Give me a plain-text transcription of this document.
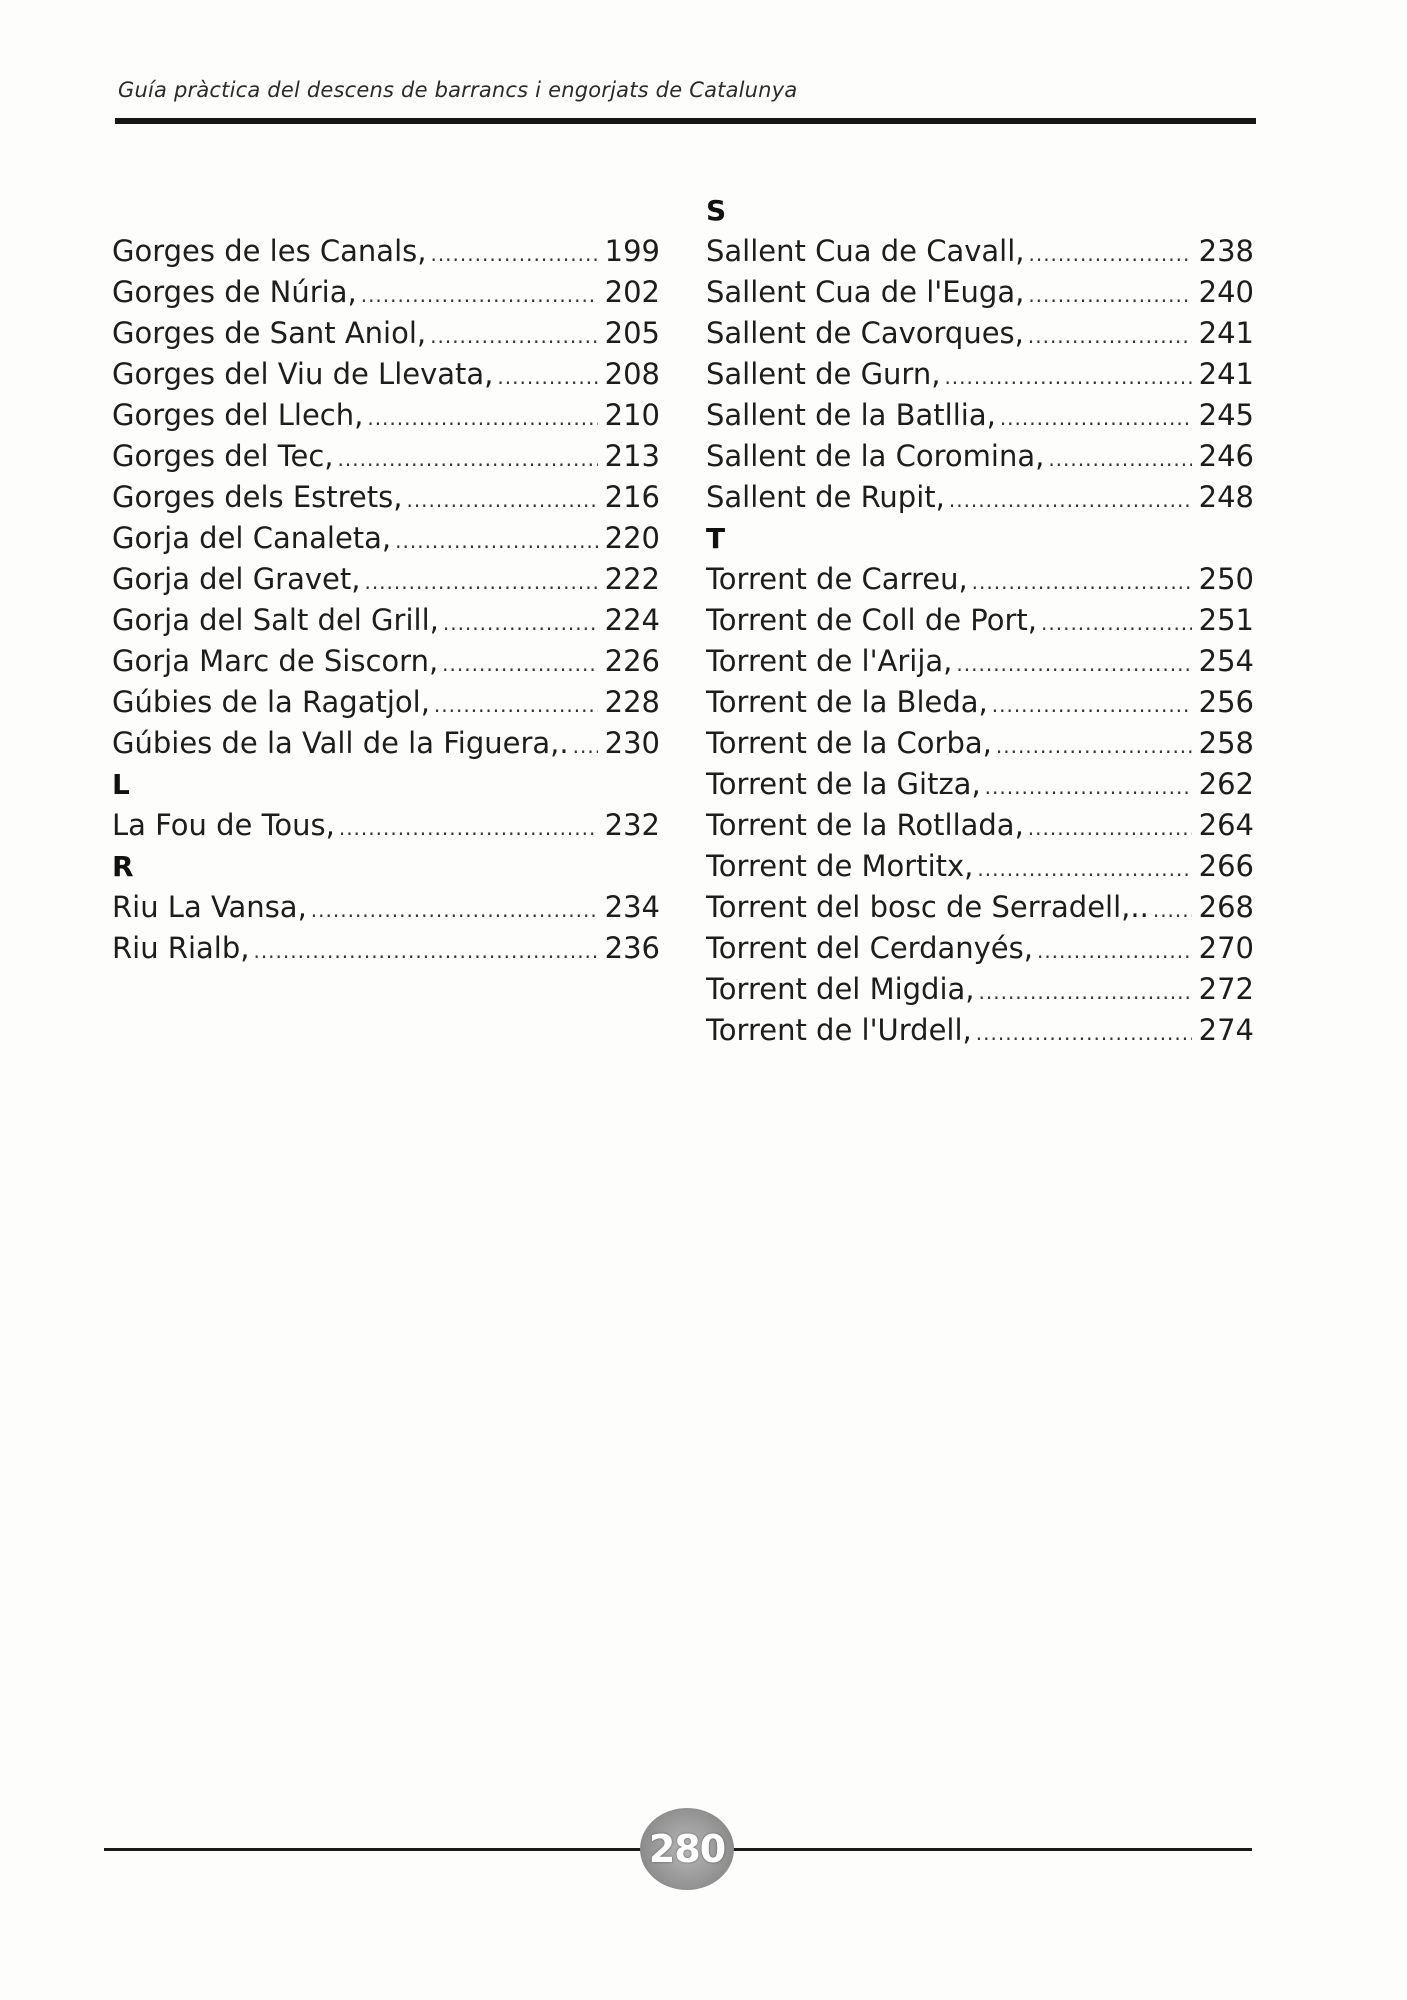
Guía pràctica del descens de barrancs i engorjats de Catalunya
Gorges de les Canals, .....	199
Gorges de Núria, .....	202
Gorges de Sant Aniol, .....	205
Gorges del Viu de Llevata, .....	208
Gorges del Llech, .....	210
Gorges del Tec, .....	213
Gorges dels Estrets, .....	216
Gorja del Canaleta, .....	220
Gorja del Gravet, .....	222
Gorja del Salt del Grill, .....	224
Gorja Marc de Siscorn, .....	226
Gúbies de la Ragatjol, .....	228
Gúbies de la Vall de la Figuera,. ..... 230
L
La Fou de Tous, .....	232
R
Riu La Vansa, .....	234
Riu Rialb, .....	236
S
Sallent Cua de Cavall, .....	238
Sallent Cua de l'Euga, .....	240
Sallent de Cavorques, .....	241
Sallent de Gurn, .....	241
Sallent de la Batllia, .....	245
Sallent de la Coromina, .....	246
Sallent de Rupit, .....	248
T
Torrent de Carreu, .....	250
Torrent de Coll de Port, .....	251
Torrent de l'Arija, .....	254
Torrent de la Bleda, .....	256
Torrent de la Corba, .....	258
Torrent de la Gitza, .....	262
Torrent de la Rotllada, .....	264
Torrent de Mortitx, .....	266
Torrent del bosc de Serradell,.. ..... 268
Torrent del Cerdanyés, .....	270
Torrent del Migdia, .....	272
Torrent de l'Urdell, .....	274
280
